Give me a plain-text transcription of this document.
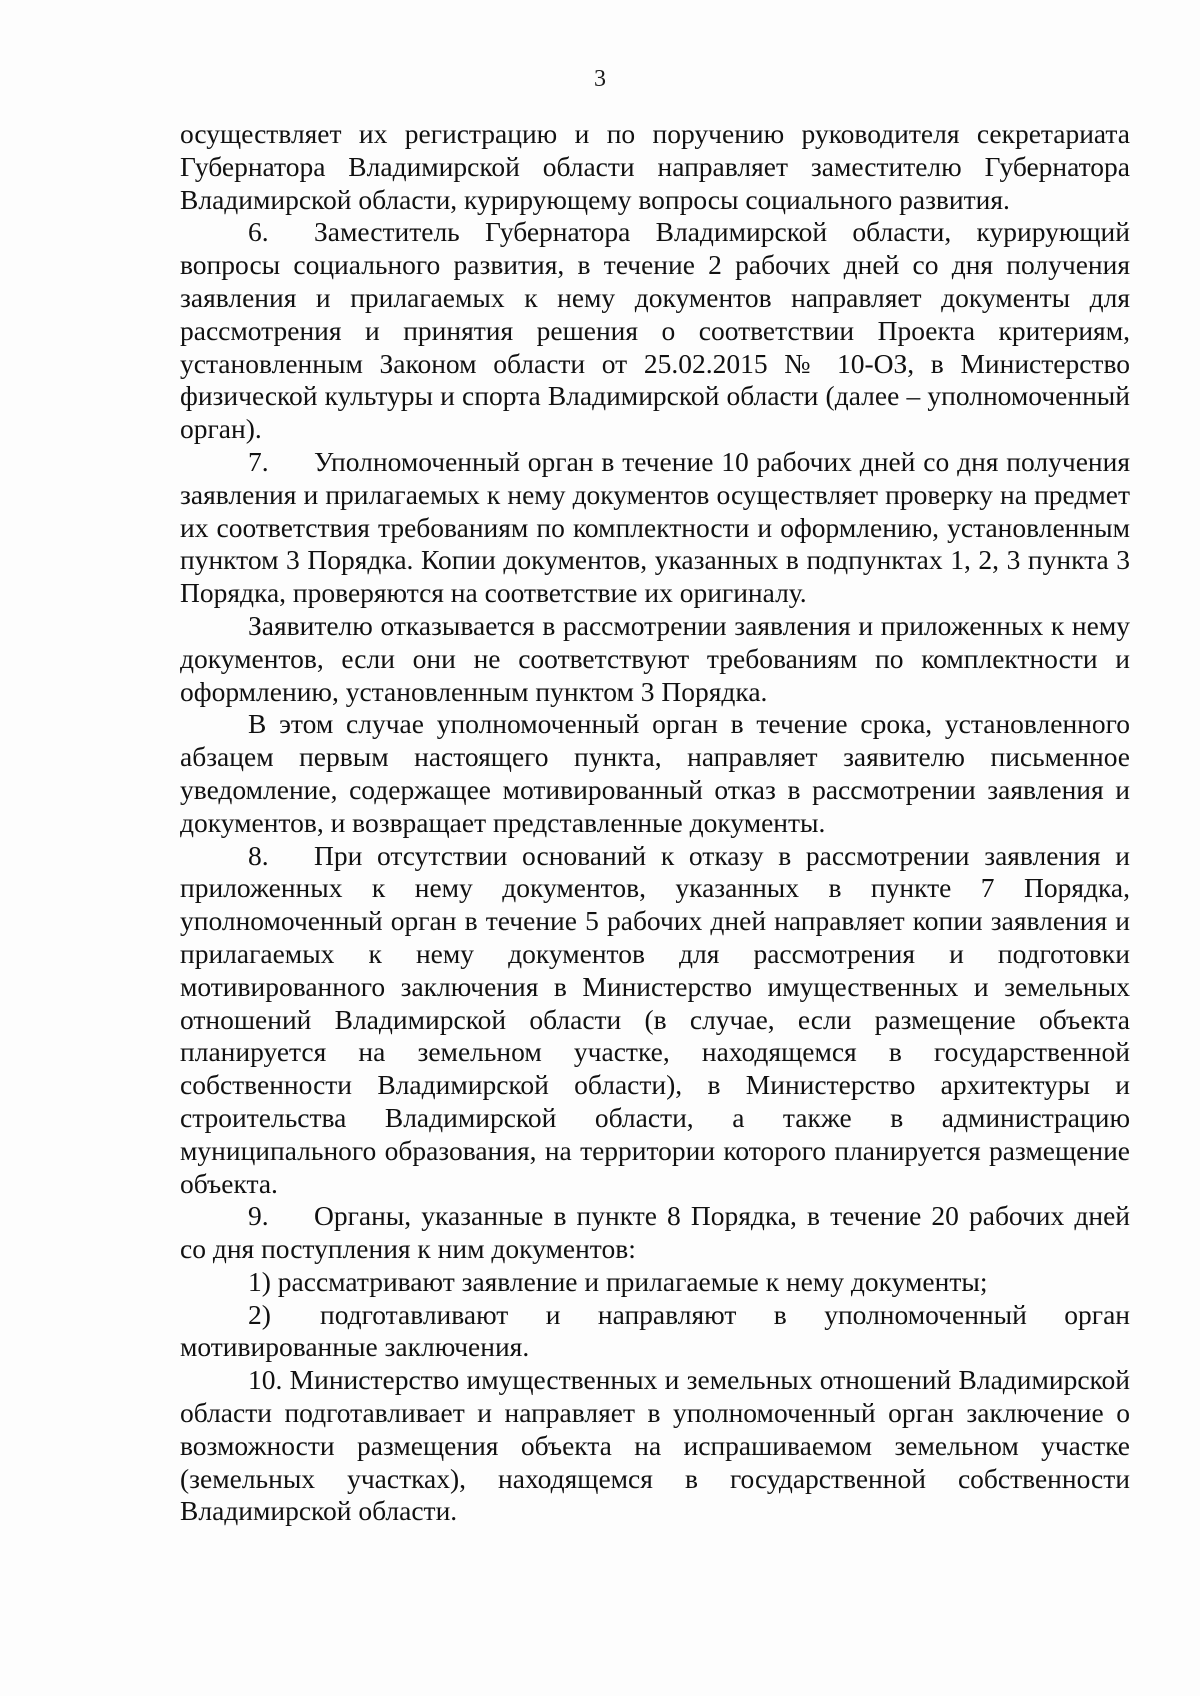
3

осуществляет их регистрацию и по поручению руководителя секретариата Губернатора Владимирской области направляет заместителю Губернатора Владимирской области, курирующему вопросы социального развития.

6. Заместитель Губернатора Владимирской области, курирующий вопросы социального развития, в течение 2 рабочих дней со дня получения заявления и прилагаемых к нему документов направляет документы для рассмотрения и принятия решения о соответствии Проекта критериям, установленным Законом области от 25.02.2015 № 10-ОЗ, в Министерство физической культуры и спорта Владимирской области (далее – уполномоченный орган).

7. Уполномоченный орган в течение 10 рабочих дней со дня получения заявления и прилагаемых к нему документов осуществляет проверку на предмет их соответствия требованиям по комплектности и оформлению, установленным пунктом 3 Порядка. Копии документов, указанных в подпунктах 1, 2, 3 пункта 3 Порядка, проверяются на соответствие их оригиналу.

Заявителю отказывается в рассмотрении заявления и приложенных к нему документов, если они не соответствуют требованиям по комплектности и оформлению, установленным пунктом 3 Порядка.

В этом случае уполномоченный орган в течение срока, установленного абзацем первым настоящего пункта, направляет заявителю письменное уведомление, содержащее мотивированный отказ в рассмотрении заявления и документов, и возвращает представленные документы.

8. При отсутствии оснований к отказу в рассмотрении заявления и приложенных к нему документов, указанных в пункте 7 Порядка, уполномоченный орган в течение 5 рабочих дней направляет копии заявления и прилагаемых к нему документов для рассмотрения и подготовки мотивированного заключения в Министерство имущественных и земельных отношений Владимирской области (в случае, если размещение объекта планируется на земельном участке, находящемся в государственной собственности Владимирской области), в Министерство архитектуры и строительства Владимирской области, а также в администрацию муниципального образования, на территории которого планируется размещение объекта.

9. Органы, указанные в пункте 8 Порядка, в течение 20 рабочих дней со дня поступления к ним документов:

1) рассматривают заявление и прилагаемые к нему документы;

2) подготавливают и направляют в уполномоченный орган мотивированные заключения.

10. Министерство имущественных и земельных отношений Владимирской области подготавливает и направляет в уполномоченный орган заключение о возможности размещения объекта на испрашиваемом земельном участке (земельных участках), находящемся в государственной собственности Владимирской области.
